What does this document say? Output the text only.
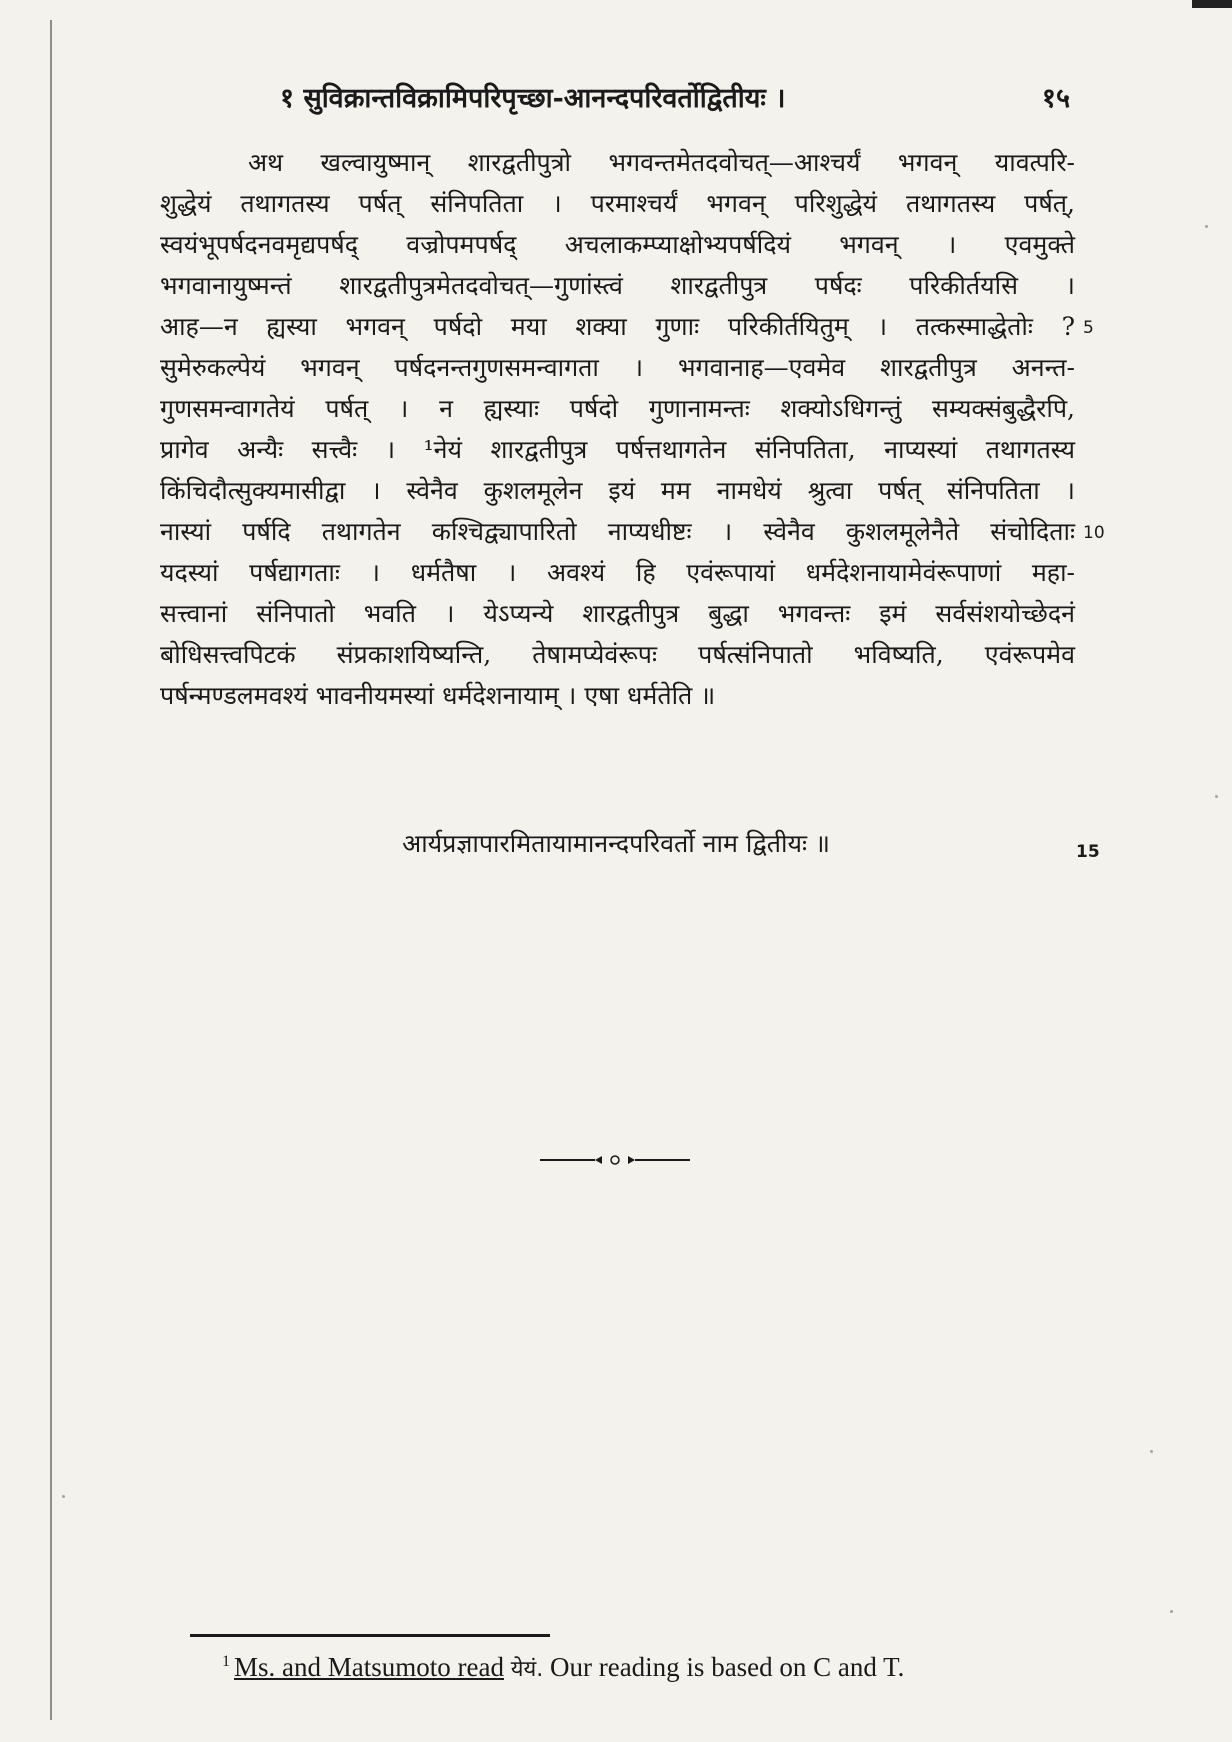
१ सुविक्रान्तविक्रामिपरिपृच्छा-आनन्दपरिवर्तोद्वितीयः ।	१५
अथ खल्वायुष्मान् शारद्वतीपुत्रो भगवन्तमेतदवोचत्—आश्चर्यं भगवन् यावत्परि-
शुद्धेयं तथागतस्य पर्षत् संनिपतिता । परमाश्चर्यं भगवन् परिशुद्धेयं तथागतस्य पर्षत्,
स्वयंभूपर्षदनवमृद्यपर्षद् वज्रोपमपर्षद् अचलाकम्प्याक्षोभ्यपर्षदियं भगवन् । एवमुक्ते
भगवानायुष्मन्तं शारद्वतीपुत्रमेतदवोचत्—गुणांस्त्वं शारद्वतीपुत्र पर्षदः परिकीर्तयसि ।
आह—न ह्यस्या भगवन् पर्षदो मया शक्या गुणाः परिकीर्तयितुम् । तत्कस्माद्धेतोः ?
सुमेरुकल्पेयं भगवन् पर्षदनन्तगुणसमन्वागता । भगवानाह—एवमेव शारद्वतीपुत्र अनन्त-
गुणसमन्वागतेयं पर्षत् । न ह्यस्याः पर्षदो गुणानामन्तः शक्योऽधिगन्तुं सम्यक्संबुद्धैरपि,
प्रागेव अन्यैः सत्त्वैः । ¹नेयं शारद्वतीपुत्र पर्षत्तथागतेन संनिपतिता, नाप्यस्यां तथागतस्य
किंचिदौत्सुक्यमासीद्वा । स्वेनैव कुशलमूलेन इयं मम नामधेयं श्रुत्वा पर्षत् संनिपतिता ।
नास्यां पर्षदि तथागतेन कश्चिद्व्यापारितो नाप्यधीष्टः । स्वेनैव कुशलमूलेनैते संचोदिताः
यदस्यां पर्षद्यागताः । धर्मतैषा । अवश्यं हि एवंरूपायां धर्मदेशनायामेवंरूपाणां महा-
सत्त्वानां संनिपातो भवति । येऽप्यन्ये शारद्वतीपुत्र बुद्धा भगवन्तः इमं सर्वसंशयोच्छेदनं
बोधिसत्त्वपिटकं संप्रकाशयिष्यन्ति, तेषामप्येवंरूपः पर्षत्संनिपातो भविष्यति, एवंरूपमेव
पर्षन्मण्डलमवश्यं भावनीयमस्यां धर्मदेशनायाम् । एषा धर्मतेति ॥
5
10
आर्यप्रज्ञापारमितायामानन्दपरिवर्तो नाम द्वितीयः ॥	15
$^1$ Ms. and Matsumoto read येयं. Our reading is based on C and T.
